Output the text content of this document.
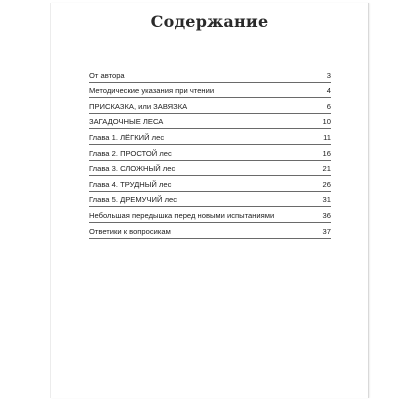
Содержание
От автора	3
Методические указания при чтении	4
ПРИСКАЗКА, или ЗАВЯЗКА	6
ЗАГАДОЧНЫЕ ЛЕСА	10
Глава 1. ЛЁГКИЙ лес	11
Глава 2. ПРОСТОЙ лес	16
Глава 3. СЛОЖНЫЙ лес	21
Глава 4. ТРУДНЫЙ лес	26
Глава 5. ДРЕМУЧИЙ лес	31
Небольшая передышка перед новыми испытаниями	36
Ответики к вопросикам	37
